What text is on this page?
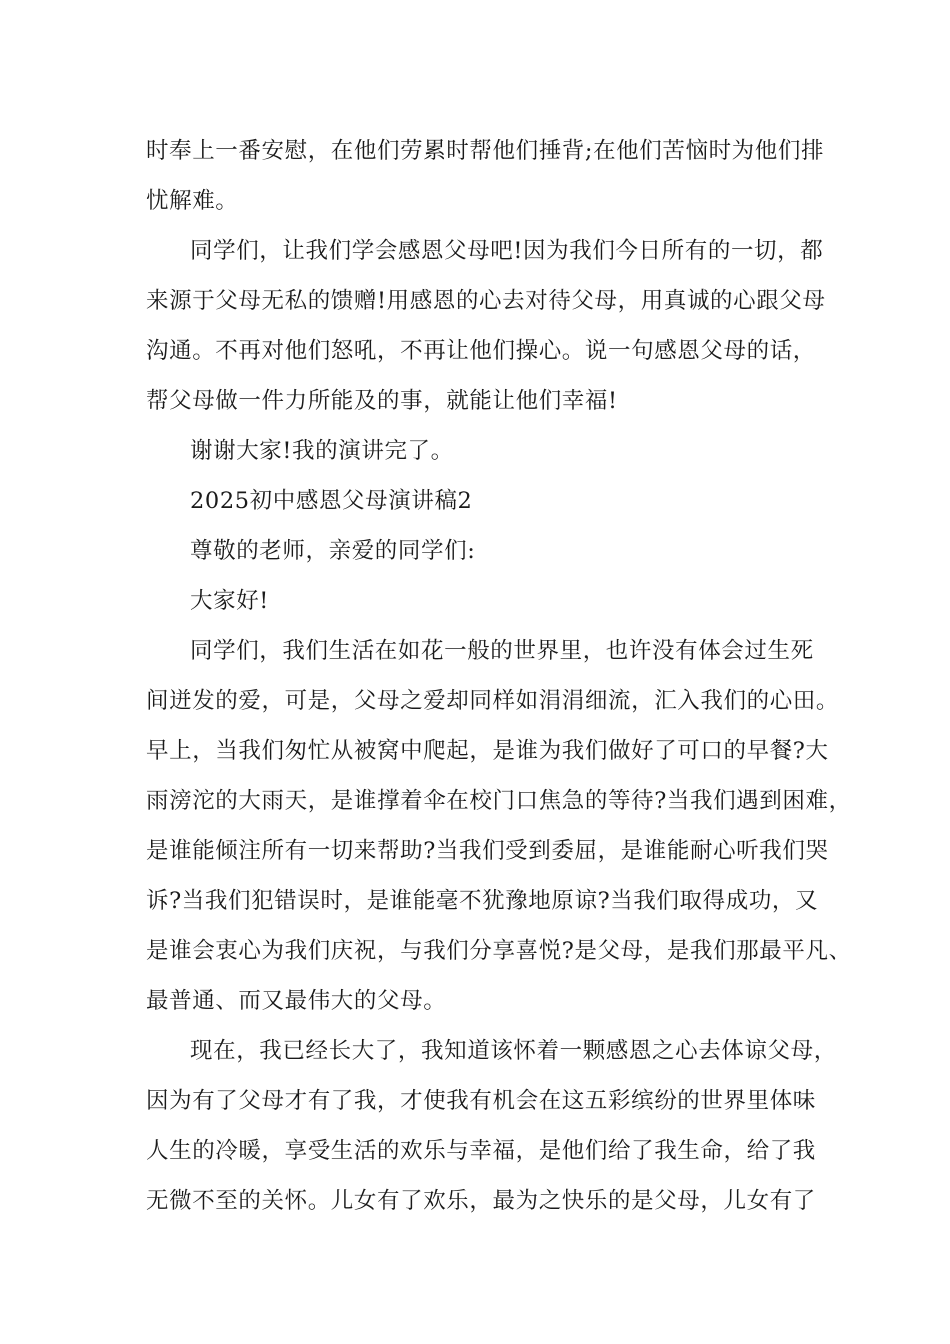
时奉上一番安慰，在他们劳累时帮他们捶背;在他们苦恼时为他们排
忧解难。
同学们，让我们学会感恩父母吧!因为我们今日所有的一切，都
来源于父母无私的馈赠!用感恩的心去对待父母，用真诚的心跟父母
沟通。不再对他们怒吼，不再让他们操心。说一句感恩父母的话，
帮父母做一件力所能及的事，就能让他们幸福!
谢谢大家!我的演讲完了。
2025初中感恩父母演讲稿2
尊敬的老师，亲爱的同学们:
大家好!
同学们，我们生活在如花一般的世界里，也许没有体会过生死
间迸发的爱，可是，父母之爱却同样如涓涓细流，汇入我们的心田。
早上，当我们匆忙从被窝中爬起，是谁为我们做好了可口的早餐?大
雨滂沱的大雨天，是谁撑着伞在校门口焦急的等待?当我们遇到困难，
是谁能倾注所有一切来帮助?当我们受到委屈，是谁能耐心听我们哭
诉?当我们犯错误时，是谁能毫不犹豫地原谅?当我们取得成功，又
是谁会衷心为我们庆祝，与我们分享喜悦?是父母，是我们那最平凡、
最普通、而又最伟大的父母。
现在，我已经长大了，我知道该怀着一颗感恩之心去体谅父母，
因为有了父母才有了我，才使我有机会在这五彩缤纷的世界里体味
人生的冷暖，享受生活的欢乐与幸福，是他们给了我生命，给了我
无微不至的关怀。儿女有了欢乐，最为之快乐的是父母，儿女有了
